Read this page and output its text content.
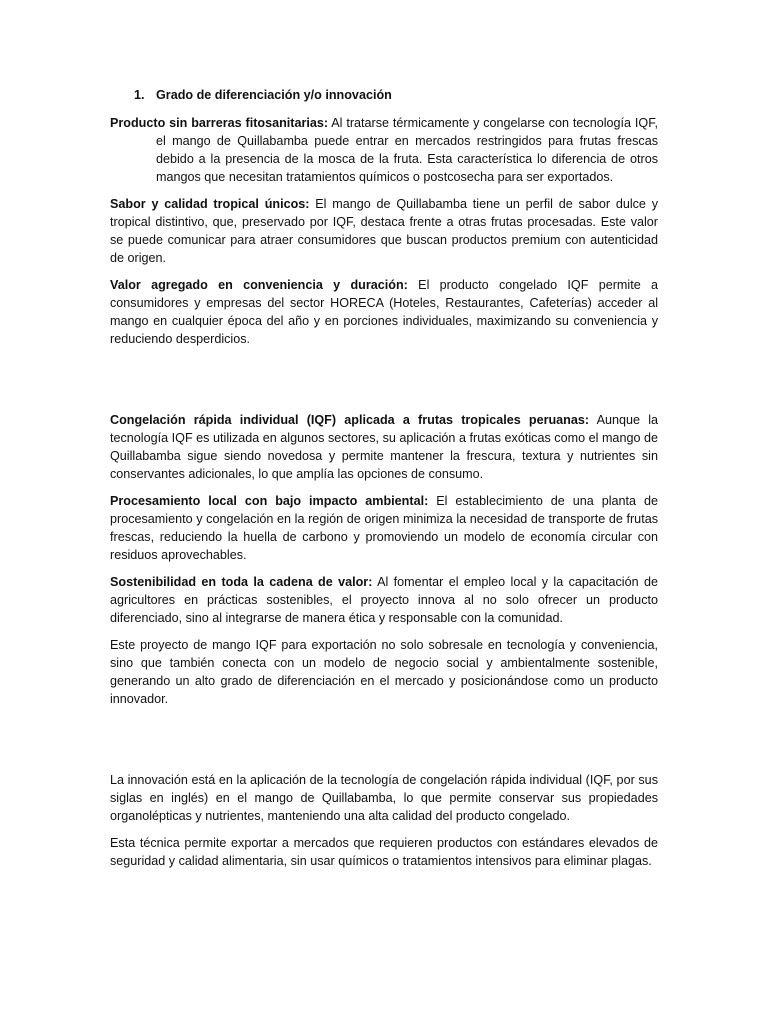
1. Grado de diferenciación y/o innovación

Producto sin barreras fitosanitarias: Al tratarse térmicamente y congelarse con tecnología IQF, el mango de Quillabamba puede entrar en mercados restringidos para frutas frescas debido a la presencia de la mosca de la fruta. Esta característica lo diferencia de otros mangos que necesitan tratamientos químicos o postcosecha para ser exportados.

Sabor y calidad tropical únicos: El mango de Quillabamba tiene un perfil de sabor dulce y tropical distintivo, que, preservado por IQF, destaca frente a otras frutas procesadas. Este valor se puede comunicar para atraer consumidores que buscan productos premium con autenticidad de origen.

Valor agregado en conveniencia y duración: El producto congelado IQF permite a consumidores y empresas del sector HORECA (Hoteles, Restaurantes, Cafeterías) acceder al mango en cualquier época del año y en porciones individuales, maximizando su conveniencia y reduciendo desperdicios.

Congelación rápida individual (IQF) aplicada a frutas tropicales peruanas: Aunque la tecnología IQF es utilizada en algunos sectores, su aplicación a frutas exóticas como el mango de Quillabamba sigue siendo novedosa y permite mantener la frescura, textura y nutrientes sin conservantes adicionales, lo que amplía las opciones de consumo.

Procesamiento local con bajo impacto ambiental: El establecimiento de una planta de procesamiento y congelación en la región de origen minimiza la necesidad de transporte de frutas frescas, reduciendo la huella de carbono y promoviendo un modelo de economía circular con residuos aprovechables.

Sostenibilidad en toda la cadena de valor: Al fomentar el empleo local y la capacitación de agricultores en prácticas sostenibles, el proyecto innova al no solo ofrecer un producto diferenciado, sino al integrarse de manera ética y responsable con la comunidad.

Este proyecto de mango IQF para exportación no solo sobresale en tecnología y conveniencia, sino que también conecta con un modelo de negocio social y ambientalmente sostenible, generando un alto grado de diferenciación en el mercado y posicionándose como un producto innovador.

La innovación está en la aplicación de la tecnología de congelación rápida individual (IQF, por sus siglas en inglés) en el mango de Quillabamba, lo que permite conservar sus propiedades organolépticas y nutrientes, manteniendo una alta calidad del producto congelado.

Esta técnica permite exportar a mercados que requieren productos con estándares elevados de seguridad y calidad alimentaria, sin usar químicos o tratamientos intensivos para eliminar plagas.
